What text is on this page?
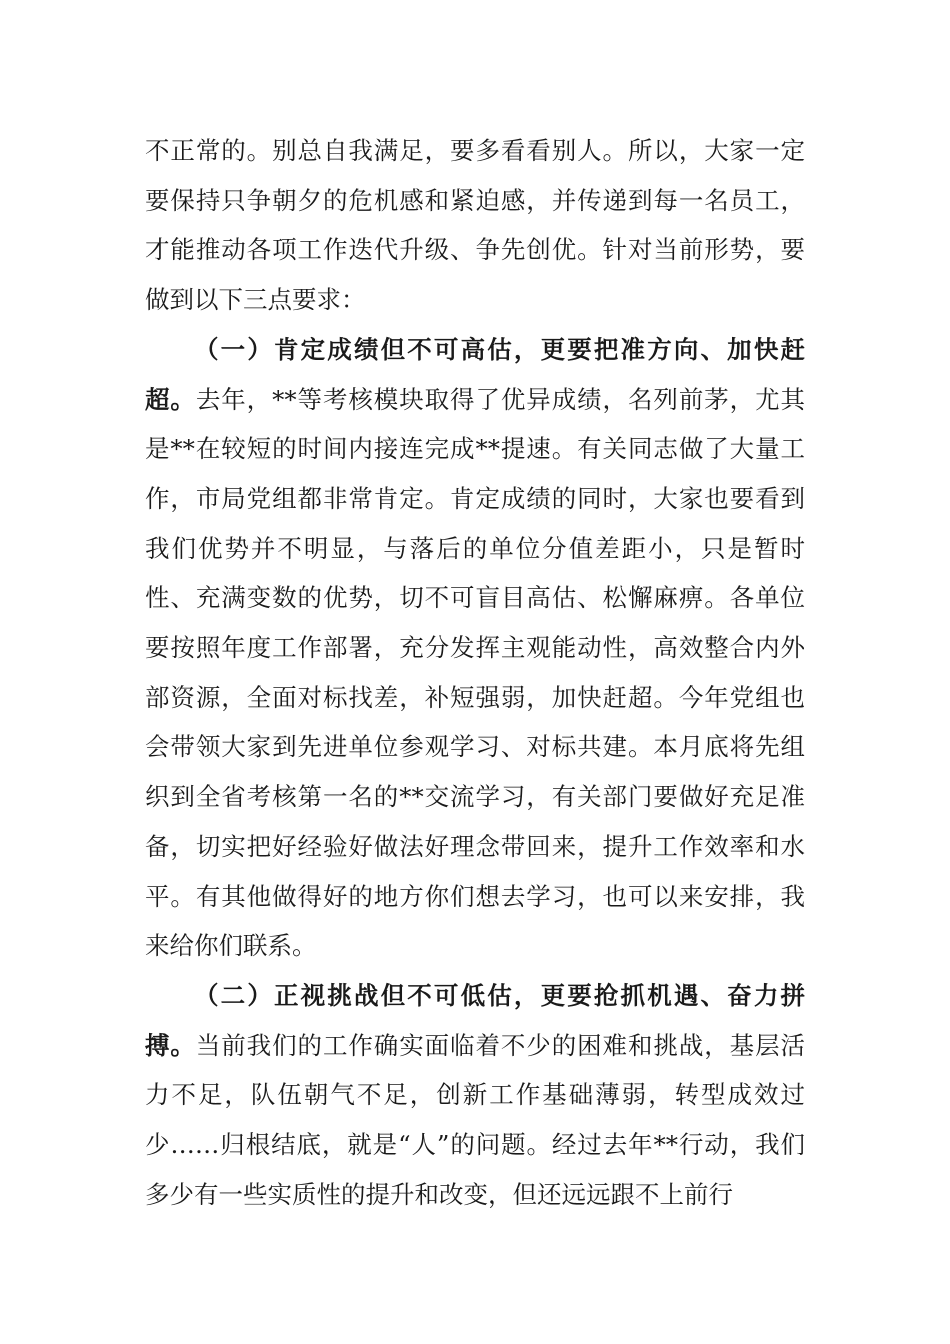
不正常的。别总自我满足，要多看看别人。所以，大家一定要保持只争朝夕的危机感和紧迫感，并传递到每一名员工，才能推动各项工作迭代升级、争先创优。针对当前形势，要做到以下三点要求：

（一）肯定成绩但不可高估，更要把准方向、加快赶超。去年，**等考核模块取得了优异成绩，名列前茅，尤其是**在较短的时间内接连完成**提速。有关同志做了大量工作，市局党组都非常肯定。肯定成绩的同时，大家也要看到我们优势并不明显，与落后的单位分值差距小，只是暂时性、充满变数的优势，切不可盲目高估、松懈麻痹。各单位要按照年度工作部署，充分发挥主观能动性，高效整合内外部资源，全面对标找差，补短强弱，加快赶超。今年党组也会带领大家到先进单位参观学习、对标共建。本月底将先组织到全省考核第一名的**交流学习，有关部门要做好充足准备，切实把好经验好做法好理念带回来，提升工作效率和水平。有其他做得好的地方你们想去学习，也可以来安排，我来给你们联系。

（二）正视挑战但不可低估，更要抢抓机遇、奋力拼搏。当前我们的工作确实面临着不少的困难和挑战，基层活力不足，队伍朝气不足，创新工作基础薄弱，转型成效过少……归根结底，就是“人”的问题。经过去年**行动，我们多少有一些实质性的提升和改变，但还远远跟不上前行
